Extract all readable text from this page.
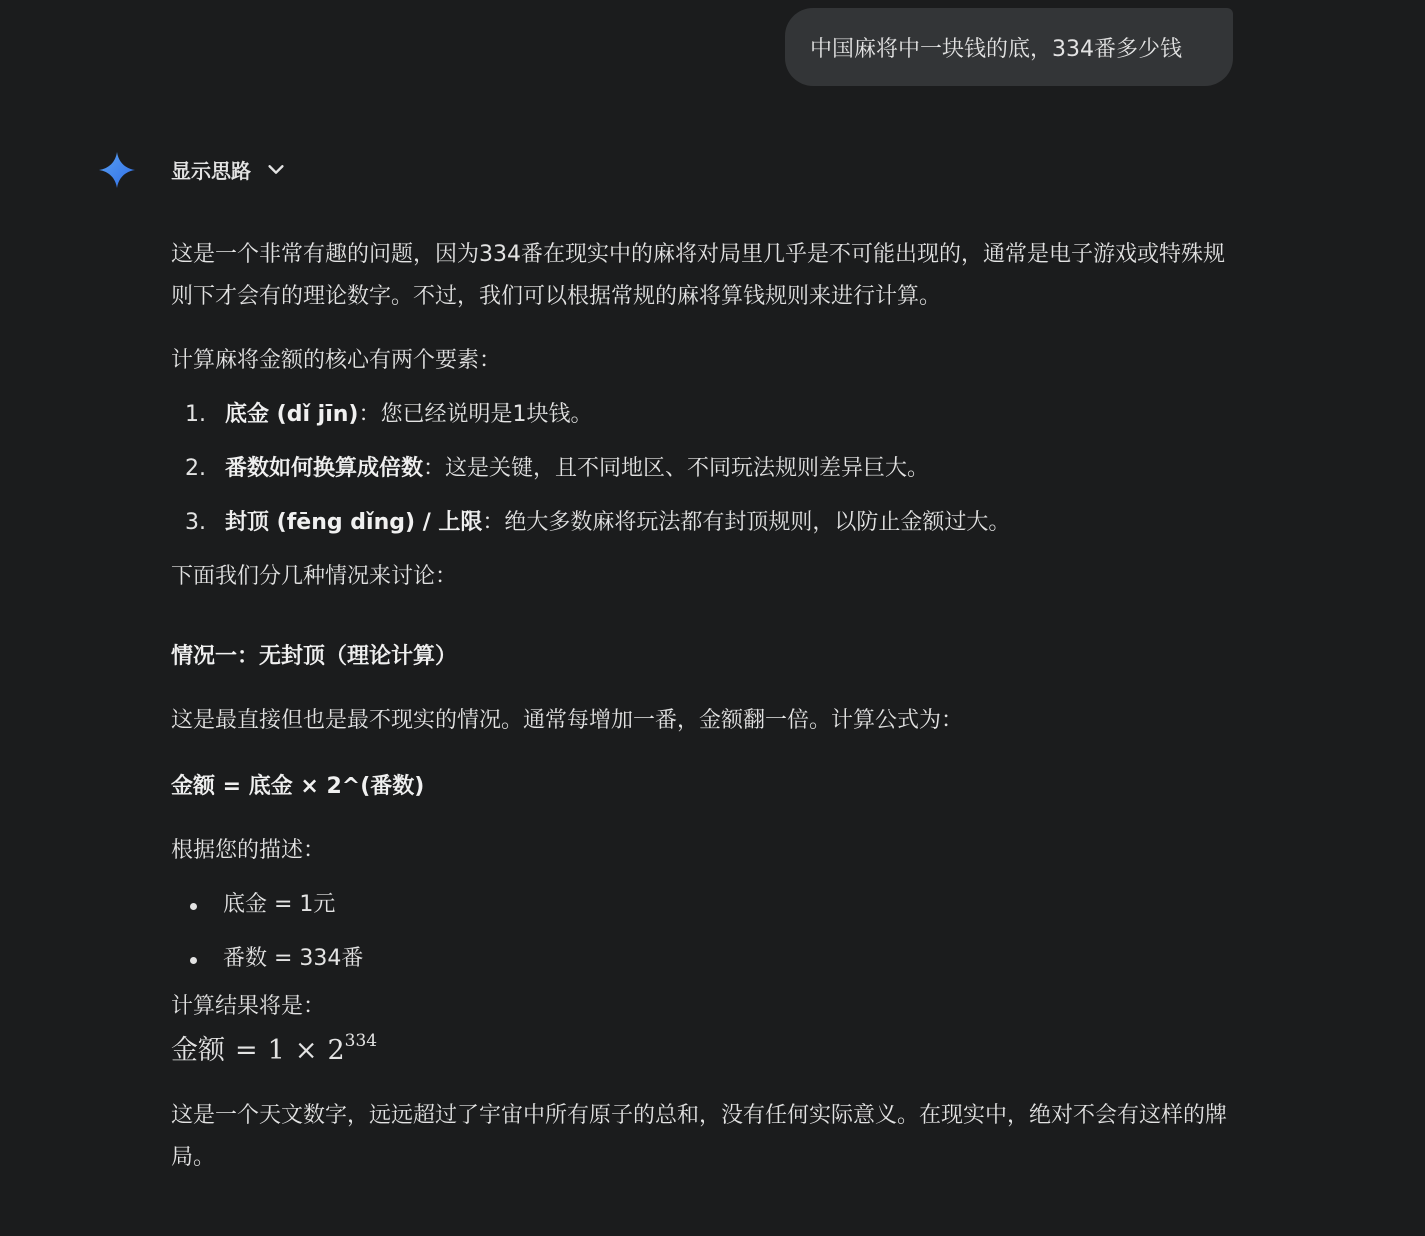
中国麻将中一块钱的底，334番多少钱
显示思路

这是一个非常有趣的问题，因为334番在现实中的麻将对局里几乎是不可能出现的，通常是电子游戏或特殊规则下才会有的理论数字。不过，我们可以根据常规的麻将算钱规则来进行计算。

计算麻将金额的核心有两个要素：

1. 底金 (dǐ jīn)：您已经说明是1块钱。
2. 番数如何换算成倍数：这是关键，且不同地区、不同玩法规则差异巨大。
3. 封顶 (fēng dǐng) / 上限：绝大多数麻将玩法都有封顶规则，以防止金额过大。

下面我们分几种情况来讨论：

情况一：无封顶（理论计算）

这是最直接但也是最不现实的情况。通常每增加一番，金额翻一倍。计算公式为：

金额 = 底金 × 2^(番数)

根据您的描述：

底金 = 1元
番数 = 334番

计算结果将是：

金额 = $1 \times 2^{334}$

这是一个天文数字，远远超过了宇宙中所有原子的总和，没有任何实际意义。在现实中，绝对不会有这样的牌局。
